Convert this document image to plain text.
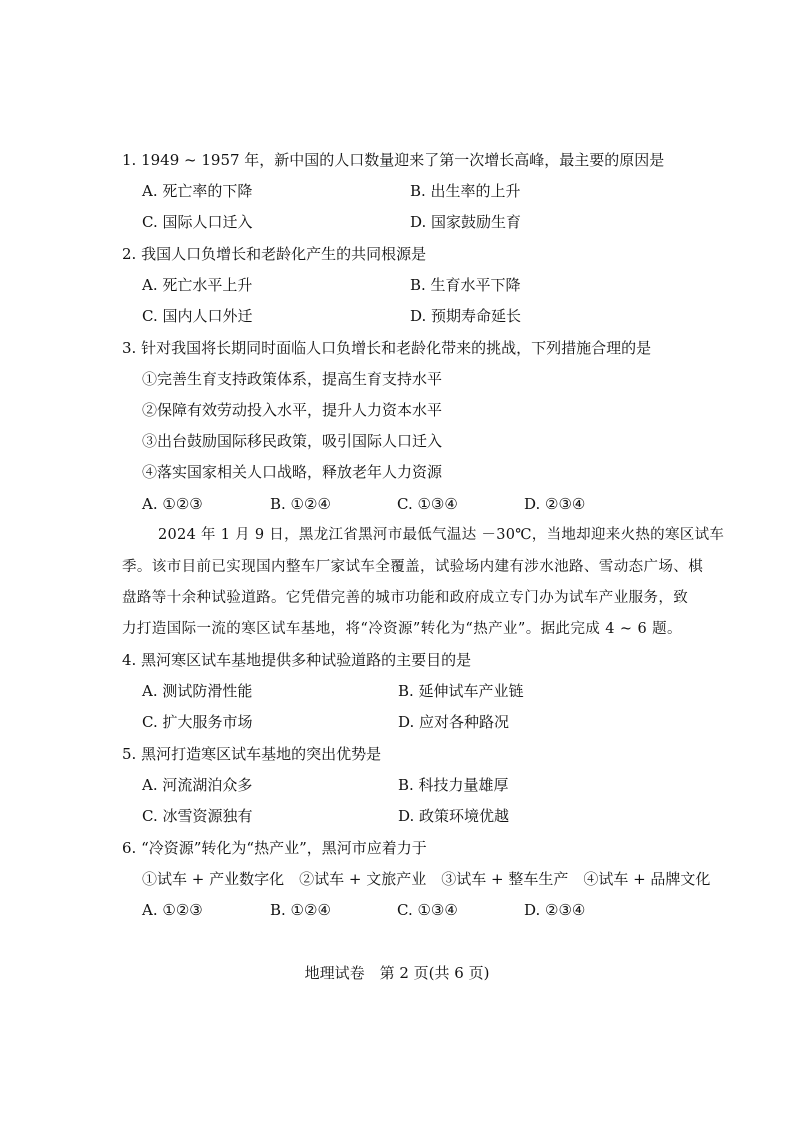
1. 1949 ~ 1957 年，新中国的人口数量迎来了第一次增长高峰，最主要的原因是
A. 死亡率的下降	B. 出生率的上升
C. 国际人口迁入	D. 国家鼓励生育
2. 我国人口负增长和老龄化产生的共同根源是
A. 死亡水平上升	B. 生育水平下降
C. 国内人口外迁	D. 预期寿命延长
3. 针对我国将长期同时面临人口负增长和老龄化带来的挑战，下列措施合理的是
①完善生育支持政策体系，提高生育支持水平
②保障有效劳动投入水平，提升人力资本水平
③出台鼓励国际移民政策，吸引国际人口迁入
④落实国家相关人口战略，释放老年人力资源
A. ①②③	B. ①②④	C. ①③④	D. ②③④
2024 年 1 月 9 日，黑龙江省黑河市最低气温达 －30℃，当地却迎来火热的寒区试车
季。该市目前已实现国内整车厂家试车全覆盖，试验场内建有涉水池路、雪动态广场、棋
盘路等十余种试验道路。它凭借完善的城市功能和政府成立专门办为试车产业服务，致
力打造国际一流的寒区试车基地，将“冷资源”转化为“热产业”。据此完成 4 ~ 6 题。
4. 黑河寒区试车基地提供多种试验道路的主要目的是
A. 测试防滑性能	B. 延伸试车产业链
C. 扩大服务市场	D. 应对各种路况
5. 黑河打造寒区试车基地的突出优势是
A. 河流湖泊众多	B. 科技力量雄厚
C. 冰雪资源独有	D. 政策环境优越
6. “冷资源”转化为“热产业”，黑河市应着力于
①试车 + 产业数字化　②试车 + 文旅产业　③试车 + 整车生产　④试车 + 品牌文化
A. ①②③	B. ①②④	C. ①③④	D. ②③④
地理试卷　第 2 页(共 6 页)
